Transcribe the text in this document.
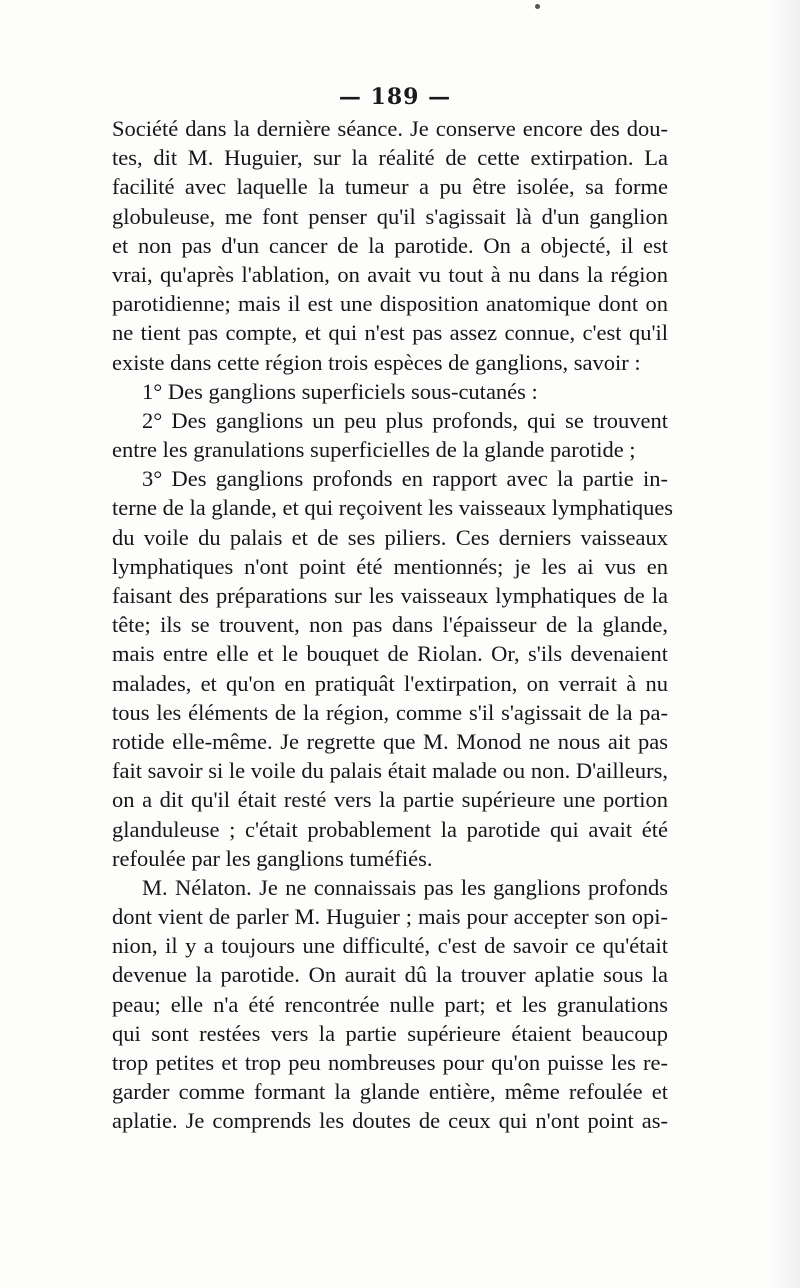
— 189 —
Société dans la dernière séance. Je conserve encore des dou-
tes, dit M. Huguier, sur la réalité de cette extirpation. La
facilité avec laquelle la tumeur a pu être isolée, sa forme
globuleuse, me font penser qu'il s'agissait là d'un ganglion
et non pas d'un cancer de la parotide. On a objecté, il est
vrai, qu'après l'ablation, on avait vu tout à nu dans la région
parotidienne; mais il est une disposition anatomique dont on
ne tient pas compte, et qui n'est pas assez connue, c'est qu'il
existe dans cette région trois espèces de ganglions, savoir :
1° Des ganglions superficiels sous-cutanés :
2° Des ganglions un peu plus profonds, qui se trouvent
entre les granulations superficielles de la glande parotide ;
3° Des ganglions profonds en rapport avec la partie in-
terne de la glande, et qui reçoivent les vaisseaux lymphatiques
du voile du palais et de ses piliers. Ces derniers vaisseaux
lymphatiques n'ont point été mentionnés; je les ai vus en
faisant des préparations sur les vaisseaux lymphatiques de la
tête; ils se trouvent, non pas dans l'épaisseur de la glande,
mais entre elle et le bouquet de Riolan. Or, s'ils devenaient
malades, et qu'on en pratiquât l'extirpation, on verrait à nu
tous les éléments de la région, comme s'il s'agissait de la pa-
rotide elle-même. Je regrette que M. Monod ne nous ait pas
fait savoir si le voile du palais était malade ou non. D'ailleurs,
on a dit qu'il était resté vers la partie supérieure une portion
glanduleuse ; c'était probablement la parotide qui avait été
refoulée par les ganglions tuméfiés.
M. Nélaton. Je ne connaissais pas les ganglions profonds
dont vient de parler M. Huguier ; mais pour accepter son opi-
nion, il y a toujours une difficulté, c'est de savoir ce qu'était
devenue la parotide. On aurait dû la trouver aplatie sous la
peau; elle n'a été rencontrée nulle part; et les granulations
qui sont restées vers la partie supérieure étaient beaucoup
trop petites et trop peu nombreuses pour qu'on puisse les re-
garder comme formant la glande entière, même refoulée et
aplatie. Je comprends les doutes de ceux qui n'ont point as-
